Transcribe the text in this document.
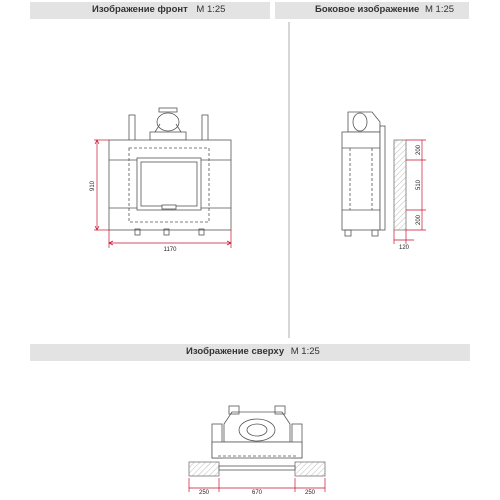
Изображение фронт M 1:25	Боковое изображение M 1:25
Изображение сверху M 1:25
910
1170
200
510
200
120
250	670	250
